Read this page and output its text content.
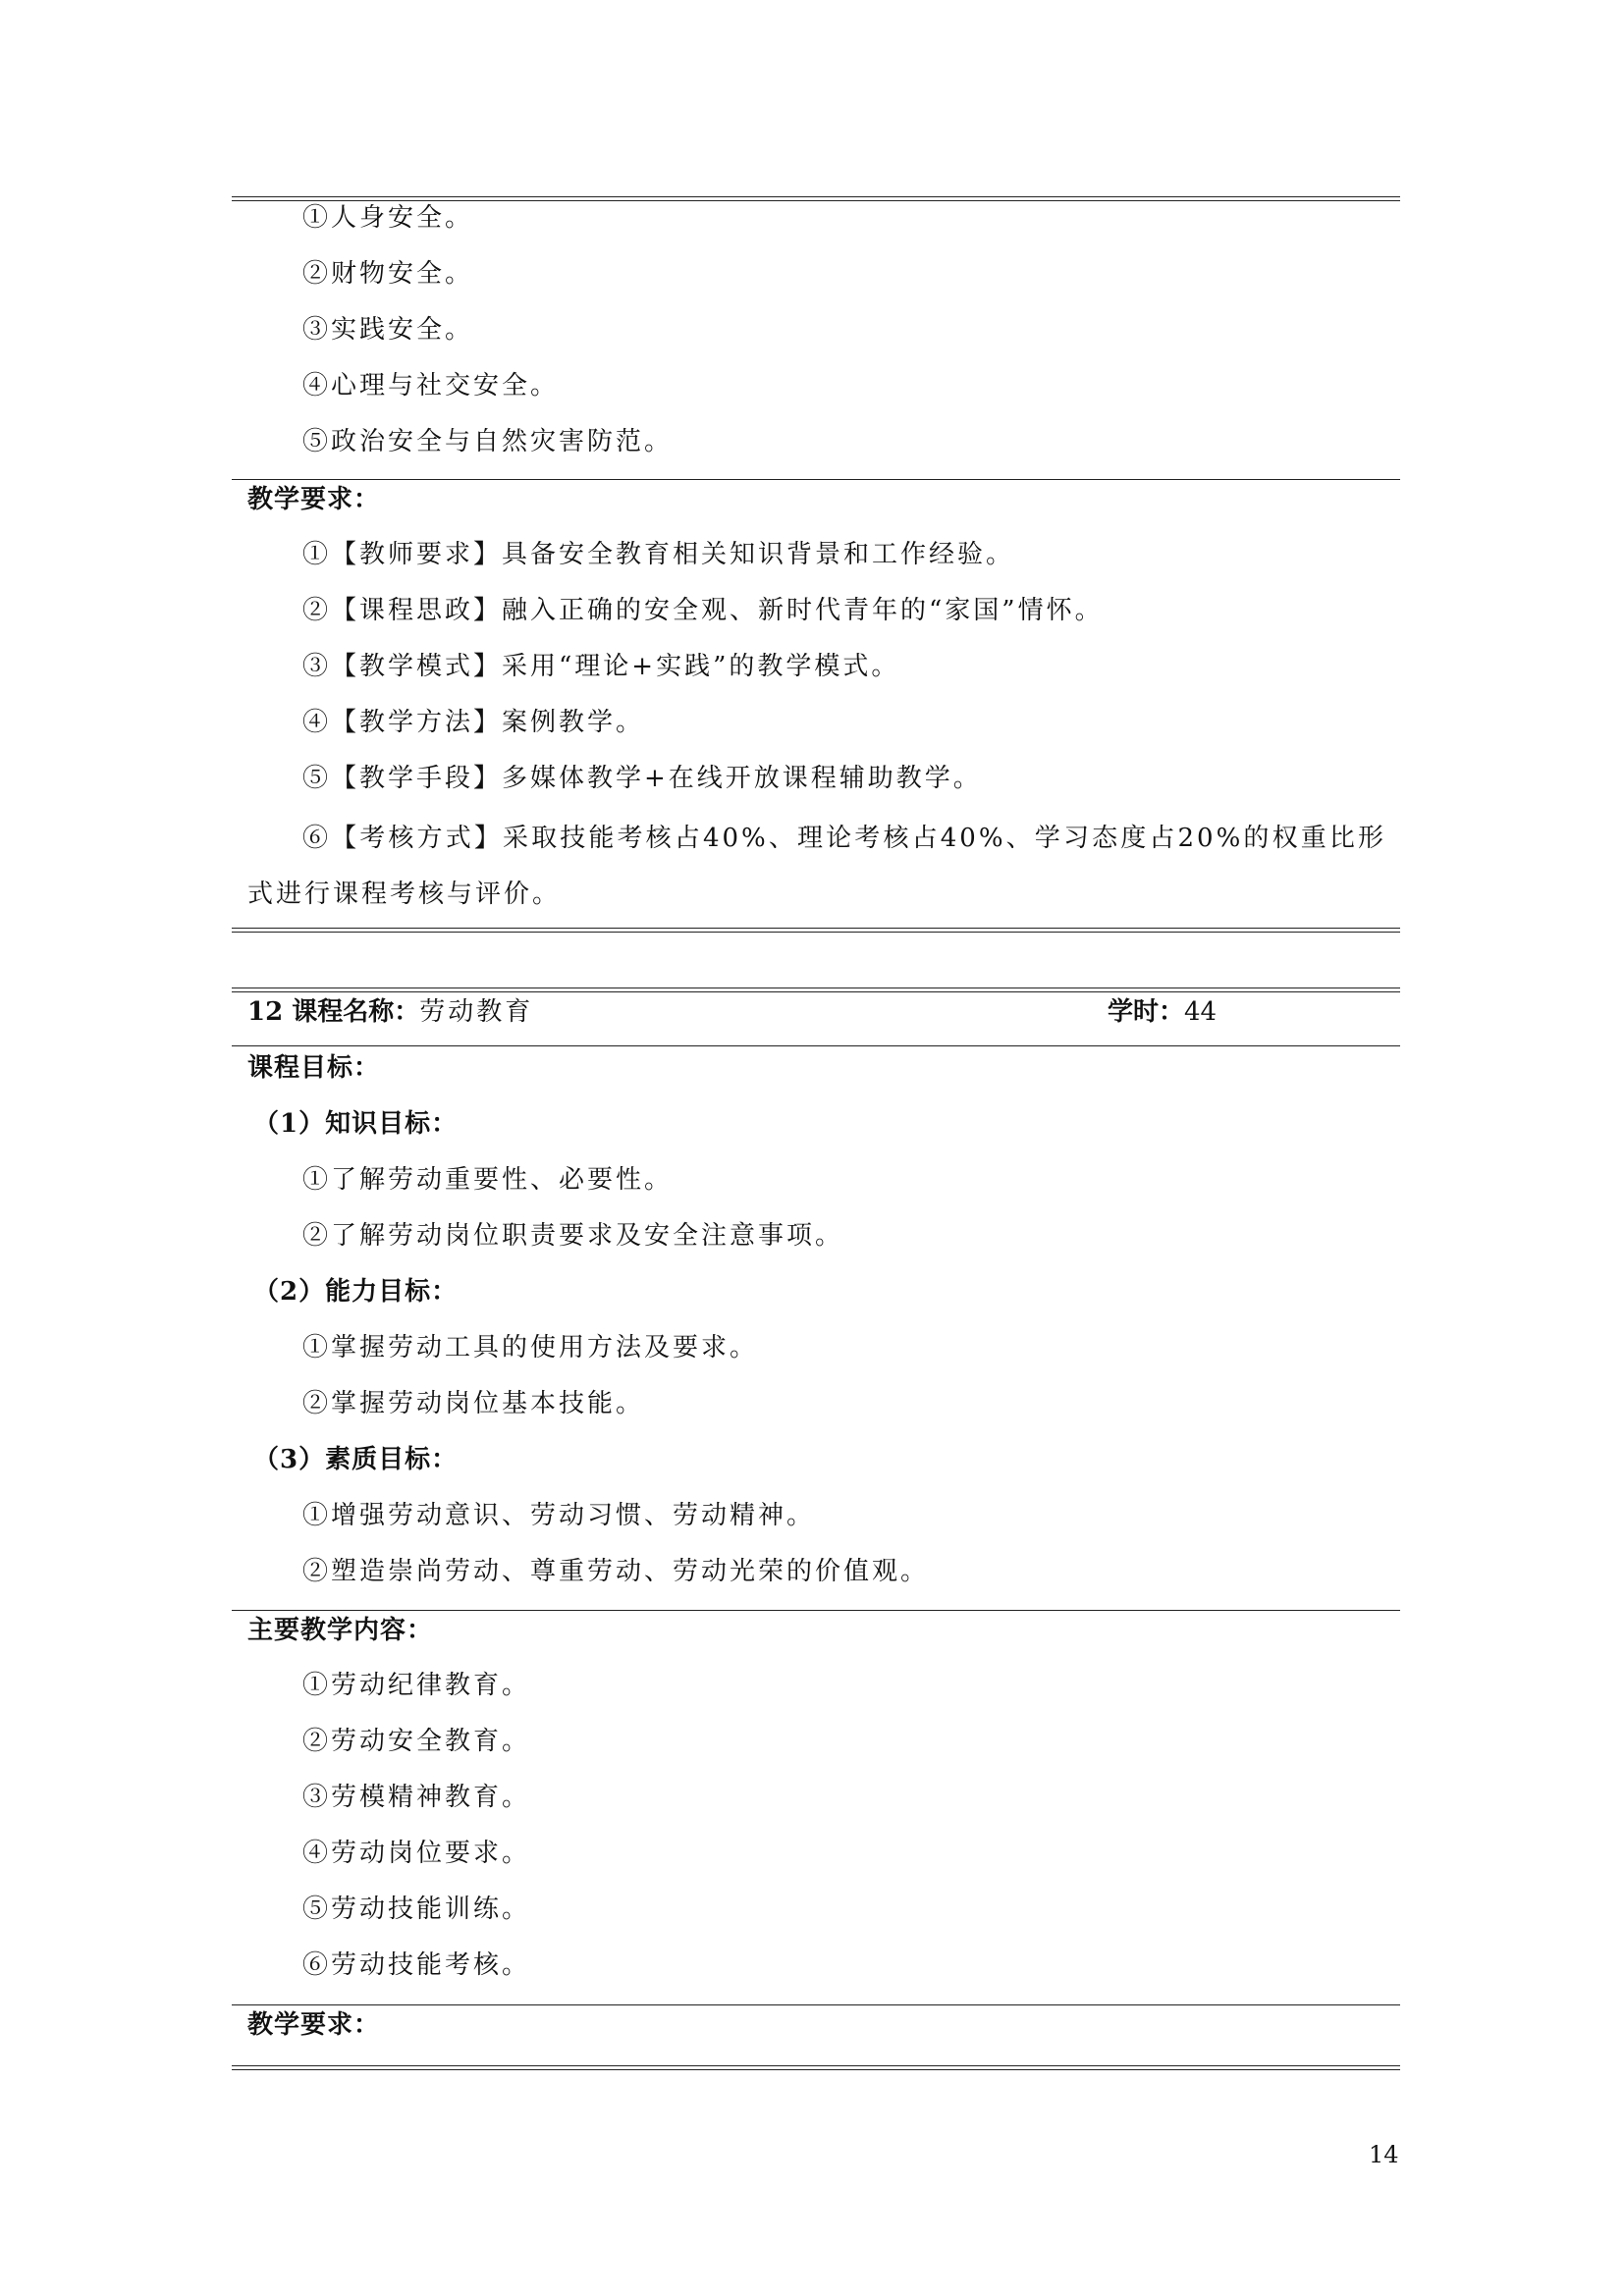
①人身安全。
②财物安全。
③实践安全。
④心理与社交安全。
⑤政治安全与自然灾害防范。
教学要求：
①【教师要求】具备安全教育相关知识背景和工作经验。
②【课程思政】融入正确的安全观、新时代青年的“家国”情怀。
③【教学模式】采用“理论+实践”的教学模式。
④【教学方法】案例教学。
⑤【教学手段】多媒体教学+在线开放课程辅助教学。
⑥【考核方式】采取技能考核占40%、理论考核占40%、学习态度占20%的权重比形式进行课程考核与评价。
12 课程名称：劳动教育	学时：44
课程目标：
（1）知识目标：
①了解劳动重要性、必要性。
②了解劳动岗位职责要求及安全注意事项。
（2）能力目标：
①掌握劳动工具的使用方法及要求。
②掌握劳动岗位基本技能。
（3）素质目标：
①增强劳动意识、劳动习惯、劳动精神。
②塑造崇尚劳动、尊重劳动、劳动光荣的价值观。
主要教学内容：
①劳动纪律教育。
②劳动安全教育。
③劳模精神教育。
④劳动岗位要求。
⑤劳动技能训练。
⑥劳动技能考核。
教学要求：
14
